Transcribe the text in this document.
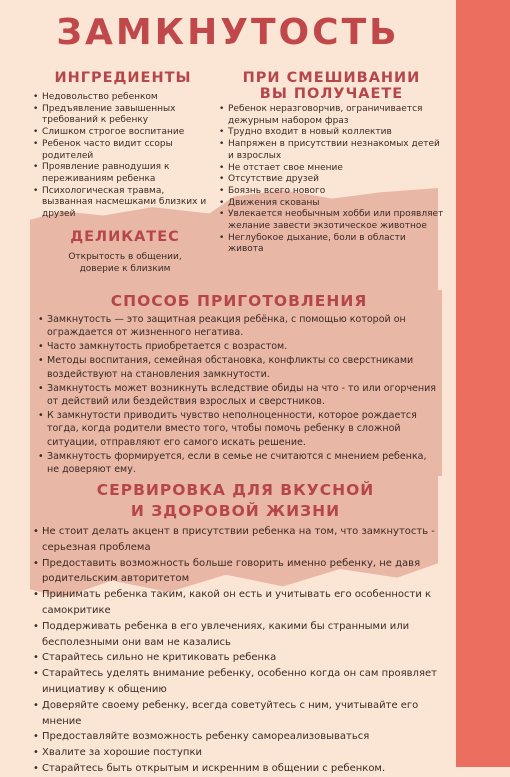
ЗАМКНУТОСТЬ
ИНГРЕДИЕНТЫ
• Недовольство ребенком
• Предъявление завышенных требований к ребенку
• Слишком строгое воспитание
• Ребенок часто видит ссоры родителей
• Проявление равнодушия к переживаниям ребенка
• Психологическая травма, вызванная насмешками близких и друзей
ДЕЛИКАТЕС

Открытость в общении,

доверие к близким

ПРИ СМЕШИВАНИИ
ВЫ ПОЛУЧАЕТЕ
• Ребенок неразговорчив, ограничивается дежурным набором фраз
• Трудно входит в новый коллектив
• Напряжен в присутствии незнакомых детей и взрослых
• Не отстает свое мнение
• Отсутствие друзей
• Боязнь всего нового
• Движения скованы
• Увлекается необычным хобби или проявляет желание завести экзотическое животное
• Неглубокое дыхание, боли в области живота
СПОСОБ ПРИГОТОВЛЕНИЯ
• Замкнутость — это защитная реакция ребёнка, с помощью которой он ограждается от жизненного негатива.
• Часто замкнутость приобретается с возрастом.
• Методы воспитания, семейная обстановка, конфликты со сверстниками воздействуют на становления замкнутости.
• Замкнутость может возникнуть вследствие обиды на что - то или огорчения от действий или бездействия взрослых и сверстников.
• К замкнутости приводить чувство неполноценности, которое рождается тогда, когда родители вместо того, чтобы помочь ребенку в сложной ситуации, отправляют его самого искать решение.
• Замкнутость формируется, если в семье не считаются с мнением ребенка, не доверяют ему.
СЕРВИРОВКА ДЛЯ ВКУСНОЙ
И ЗДОРОВОЙ ЖИЗНИ
• Не стоит делать акцент в присутствии ребенка на том, что замкнутость - серьезная проблема
• Предоставить возможность больше говорить именно ребенку, не давя родительским авторитетом
• Принимать ребенка таким, какой он есть и учитывать его особенности к самокритике
• Поддерживать ребенка в его увлечениях, какими бы странными или бесполезными они вам не казались
• Старайтесь сильно не критиковать ребенка
• Старайтесь уделять внимание ребенку, особенно когда он сам проявляет инициативу к общению
• Доверяйте своему ребенку, всегда советуйтесь с ним, учитывайте его мнение
• Предоставляйте возможность ребенку самореализовываться
• Хвалите за хорошие поступки
• Старайтесь быть открытым и искренним в общении с ребенком.
